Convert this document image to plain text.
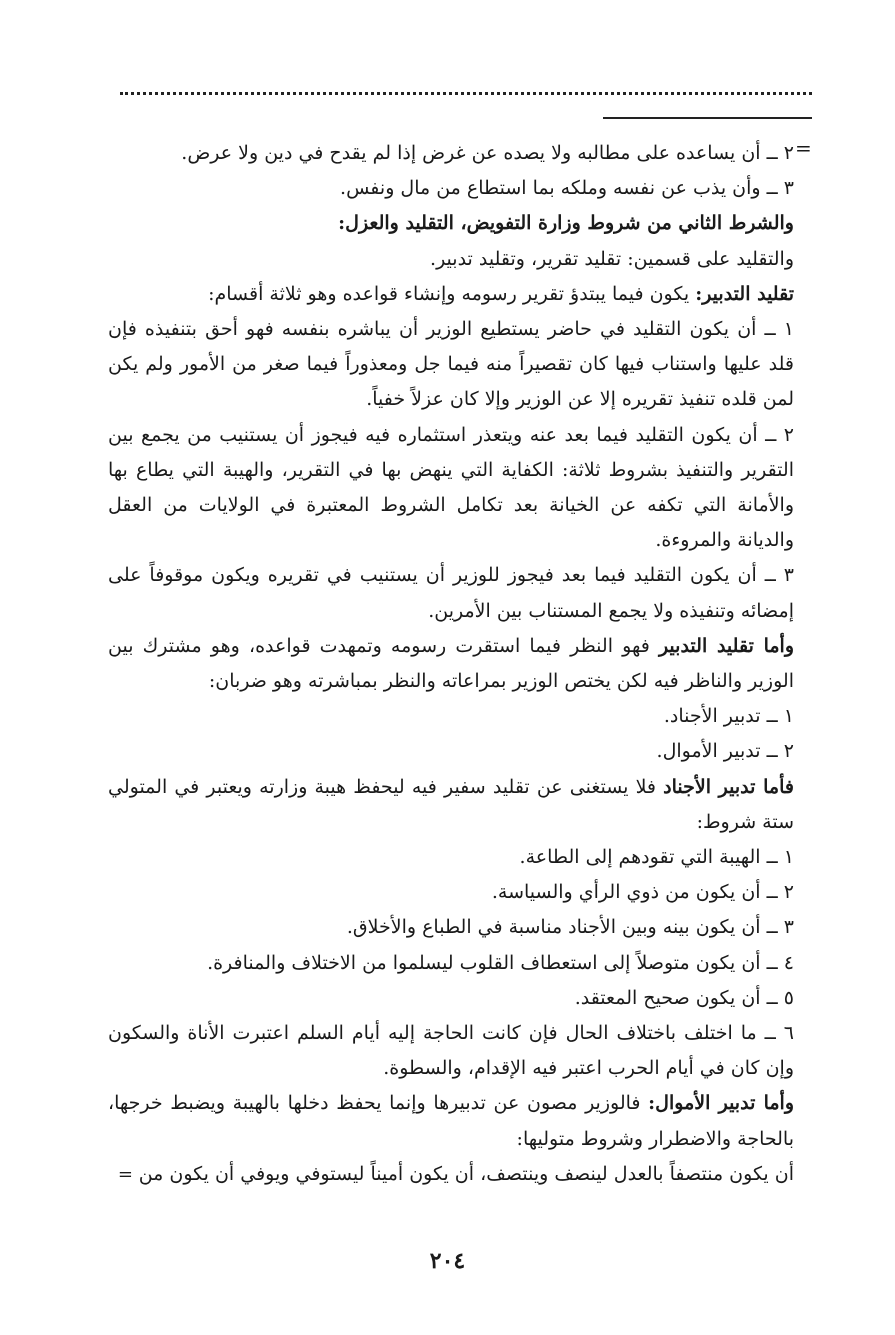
=

٢ ــ أن يساعده على مطالبه ولا يصده عن غرض إذا لم يقدح في دين ولا عرض.

٣ ــ وأن يذب عن نفسه وملكه بما استطاع من مال ونفس.

والشرط الثاني من شروط وزارة التفويض، التقليد والعزل:

والتقليد على قسمين: تقليد تقرير، وتقليد تدبير.

تقليد التدبير: يكون فيما يبتدؤ تقرير رسومه وإنشاء قواعده وهو ثلاثة أقسام:

١ ــ أن يكون التقليد في حاضر يستطيع الوزير أن يباشره بنفسه فهو أحق بتنفيذه فإن قلد عليها واستناب فيها كان تقصيراً منه فيما جل ومعذوراً فيما صغر من الأمور ولم يكن لمن قلده تنفيذ تقريره إلا عن الوزير وإلا كان عزلاً خفياً.

٢ ــ أن يكون التقليد فيما بعد عنه ويتعذر استثماره فيه فيجوز أن يستنيب من يجمع بين التقرير والتنفيذ بشروط ثلاثة: الكفاية التي ينهض بها في التقرير، والهيبة التي يطاع بها والأمانة التي تكفه عن الخيانة بعد تكامل الشروط المعتبرة في الولايات من العقل والديانة والمروءة.

٣ ــ أن يكون التقليد فيما بعد فيجوز للوزير أن يستنيب في تقريره ويكون موقوفاً على إمضائه وتنفيذه ولا يجمع المستناب بين الأمرين.

وأما تقليد التدبير فهو النظر فيما استقرت رسومه وتمهدت قواعده، وهو مشترك بين الوزير والناظر فيه لكن يختص الوزير بمراعاته والنظر بمباشرته وهو ضربان:

١ ــ تدبير الأجناد.

٢ ــ تدبير الأموال.

فأما تدبير الأجناد فلا يستغنى عن تقليد سفير فيه ليحفظ هيبة وزارته ويعتبر في المتولي ستة شروط:

١ ــ الهيبة التي تقودهم إلى الطاعة.

٢ ــ أن يكون من ذوي الرأي والسياسة.

٣ ــ أن يكون بينه وبين الأجناد مناسبة في الطباع والأخلاق.

٤ ــ أن يكون متوصلاً إلى استعطاف القلوب ليسلموا من الاختلاف والمنافرة.

٥ ــ أن يكون صحيح المعتقد.

٦ ــ ما اختلف باختلاف الحال فإن كانت الحاجة إليه أيام السلم اعتبرت الأناة والسكون وإن كان في أيام الحرب اعتبر فيه الإقدام، والسطوة.

وأما تدبير الأموال: فالوزير مصون عن تدبيرها وإنما يحفظ دخلها بالهيبة ويضبط خرجها، بالحاجة والاضطرار وشروط متوليها:

أن يكون منتصفاً بالعدل لينصف وينتصف، أن يكون أميناً ليستوفي ويوفي أن يكون من =

٢٠٤
